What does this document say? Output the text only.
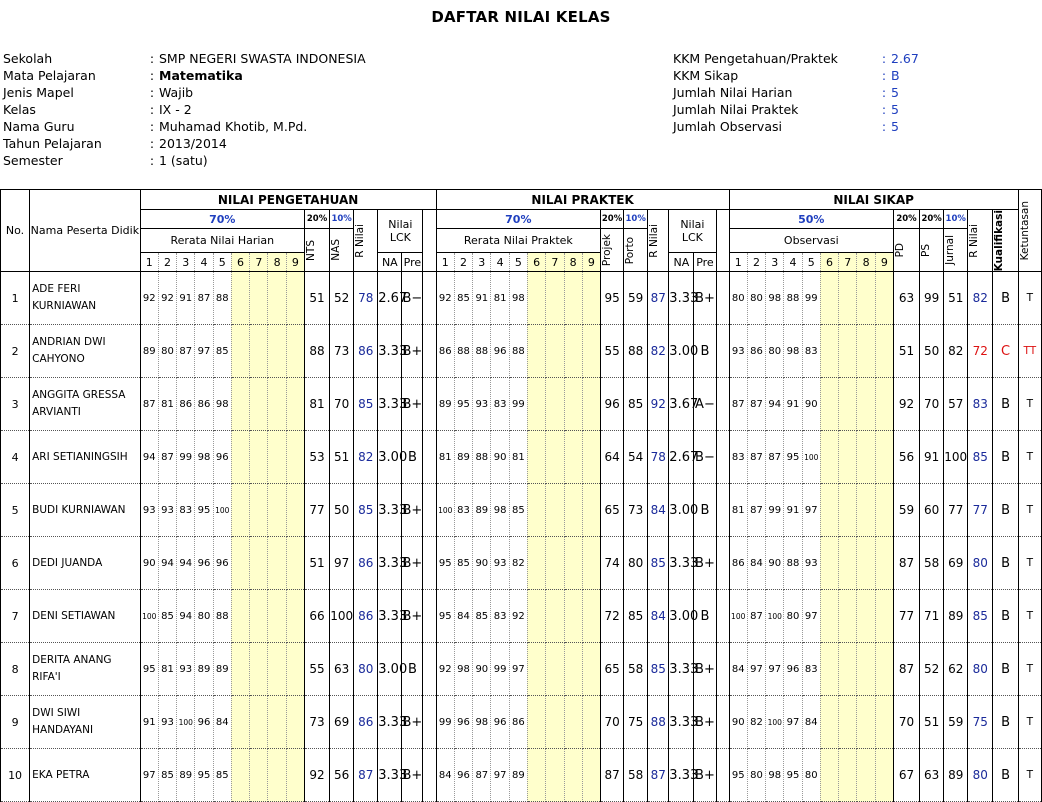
DAFTAR NILAI KELAS
Sekolah	: SMP NEGERI SWASTA INDONESIA
Mata Pelajaran	: Matematika
Jenis Mapel	: Wajib
Kelas	: IX - 2
Nama Guru	: Muhamad Khotib, M.Pd.
Tahun Pelajaran	: 2013/2014
Semester	: 1 (satu)
KKM Pengetahuan/Praktek	: 2.67
KKM Sikap	: B
Jumlah Nilai Harian	: 5
Jumlah Nilai Praktek	: 5
Jumlah Observasi	: 5
No.	Nama Peserta Didik	NILAI PENGETAHUAN															NILAI PRAKTEK															NILAI SIKAP														Ketuntasan

		70%									20%	10%	R Nilai	Nilai LCK			70%									20%	10%	R Nilai	Nilai LCK			50%									20%	20%	10%	R Nilai	Kualifikasi	

		Rerata Nilai Harian									NTS	NAS					Rerata Nilai Praktek									Projek	Porto					Observasi									PD	PS	Jurnal			

		1	2	3	4	5	6	7	8	9				NA	Pre		1	2	3	4	5	6	7	8	9				NA	Pre		1	2	3	4	5	6	7	8	9						
1	ADE FERI KURNIAWAN	92	92	91	87	88					51	52	78	2.67	B−		92	85	91	81	98					95	59	87	3.33	B+		80	80	98	88	99					63	99	51	82	B	T
2	ANDRIAN DWI CAHYONO	89	80	87	97	85					88	73	86	3.33	B+		86	88	88	96	88					55	88	82	3.00	B		93	86	80	98	83					51	50	82	72	C	TT
3	ANGGITA GRESSA ARVIANTI	87	81	86	86	98					81	70	85	3.33	B+		89	95	93	83	99					96	85	92	3.67	A−		87	87	94	91	90					92	70	57	83	B	T
4	ARI SETIANINGSIH	94	87	99	98	96					53	51	82	3.00	B		81	89	88	90	81					64	54	78	2.67	B−		83	87	87	95	100					56	91	100	85	B	T
5	BUDI KURNIAWAN	93	93	83	95	100					77	50	85	3.33	B+		100	83	89	98	85					65	73	84	3.00	B		81	87	99	91	97					59	60	77	77	B	T
6	DEDI JUANDA	90	94	94	96	96					51	97	86	3.33	B+		95	85	90	93	82					74	80	85	3.33	B+		86	84	90	88	93					87	58	69	80	B	T
7	DENI SETIAWAN	100	85	94	80	88					66	100	86	3.33	B+		95	84	85	83	92					72	85	84	3.00	B		100	87	100	80	97					77	71	89	85	B	T
8	DERITA ANANG RIFA'I	95	81	93	89	89					55	63	80	3.00	B		92	98	90	99	97					65	58	85	3.33	B+		84	97	97	96	83					87	52	62	80	B	T
9	DWI SIWI HANDAYANI	91	93	100	96	84					73	69	86	3.33	B+		99	96	98	96	86					70	75	88	3.33	B+		90	82	100	97	84					70	51	59	75	B	T
10	EKA PETRA	97	85	89	95	85					92	56	87	3.33	B+		84	96	87	97	89					87	58	87	3.33	B+		95	80	98	95	80					67	63	89	80	B	T
